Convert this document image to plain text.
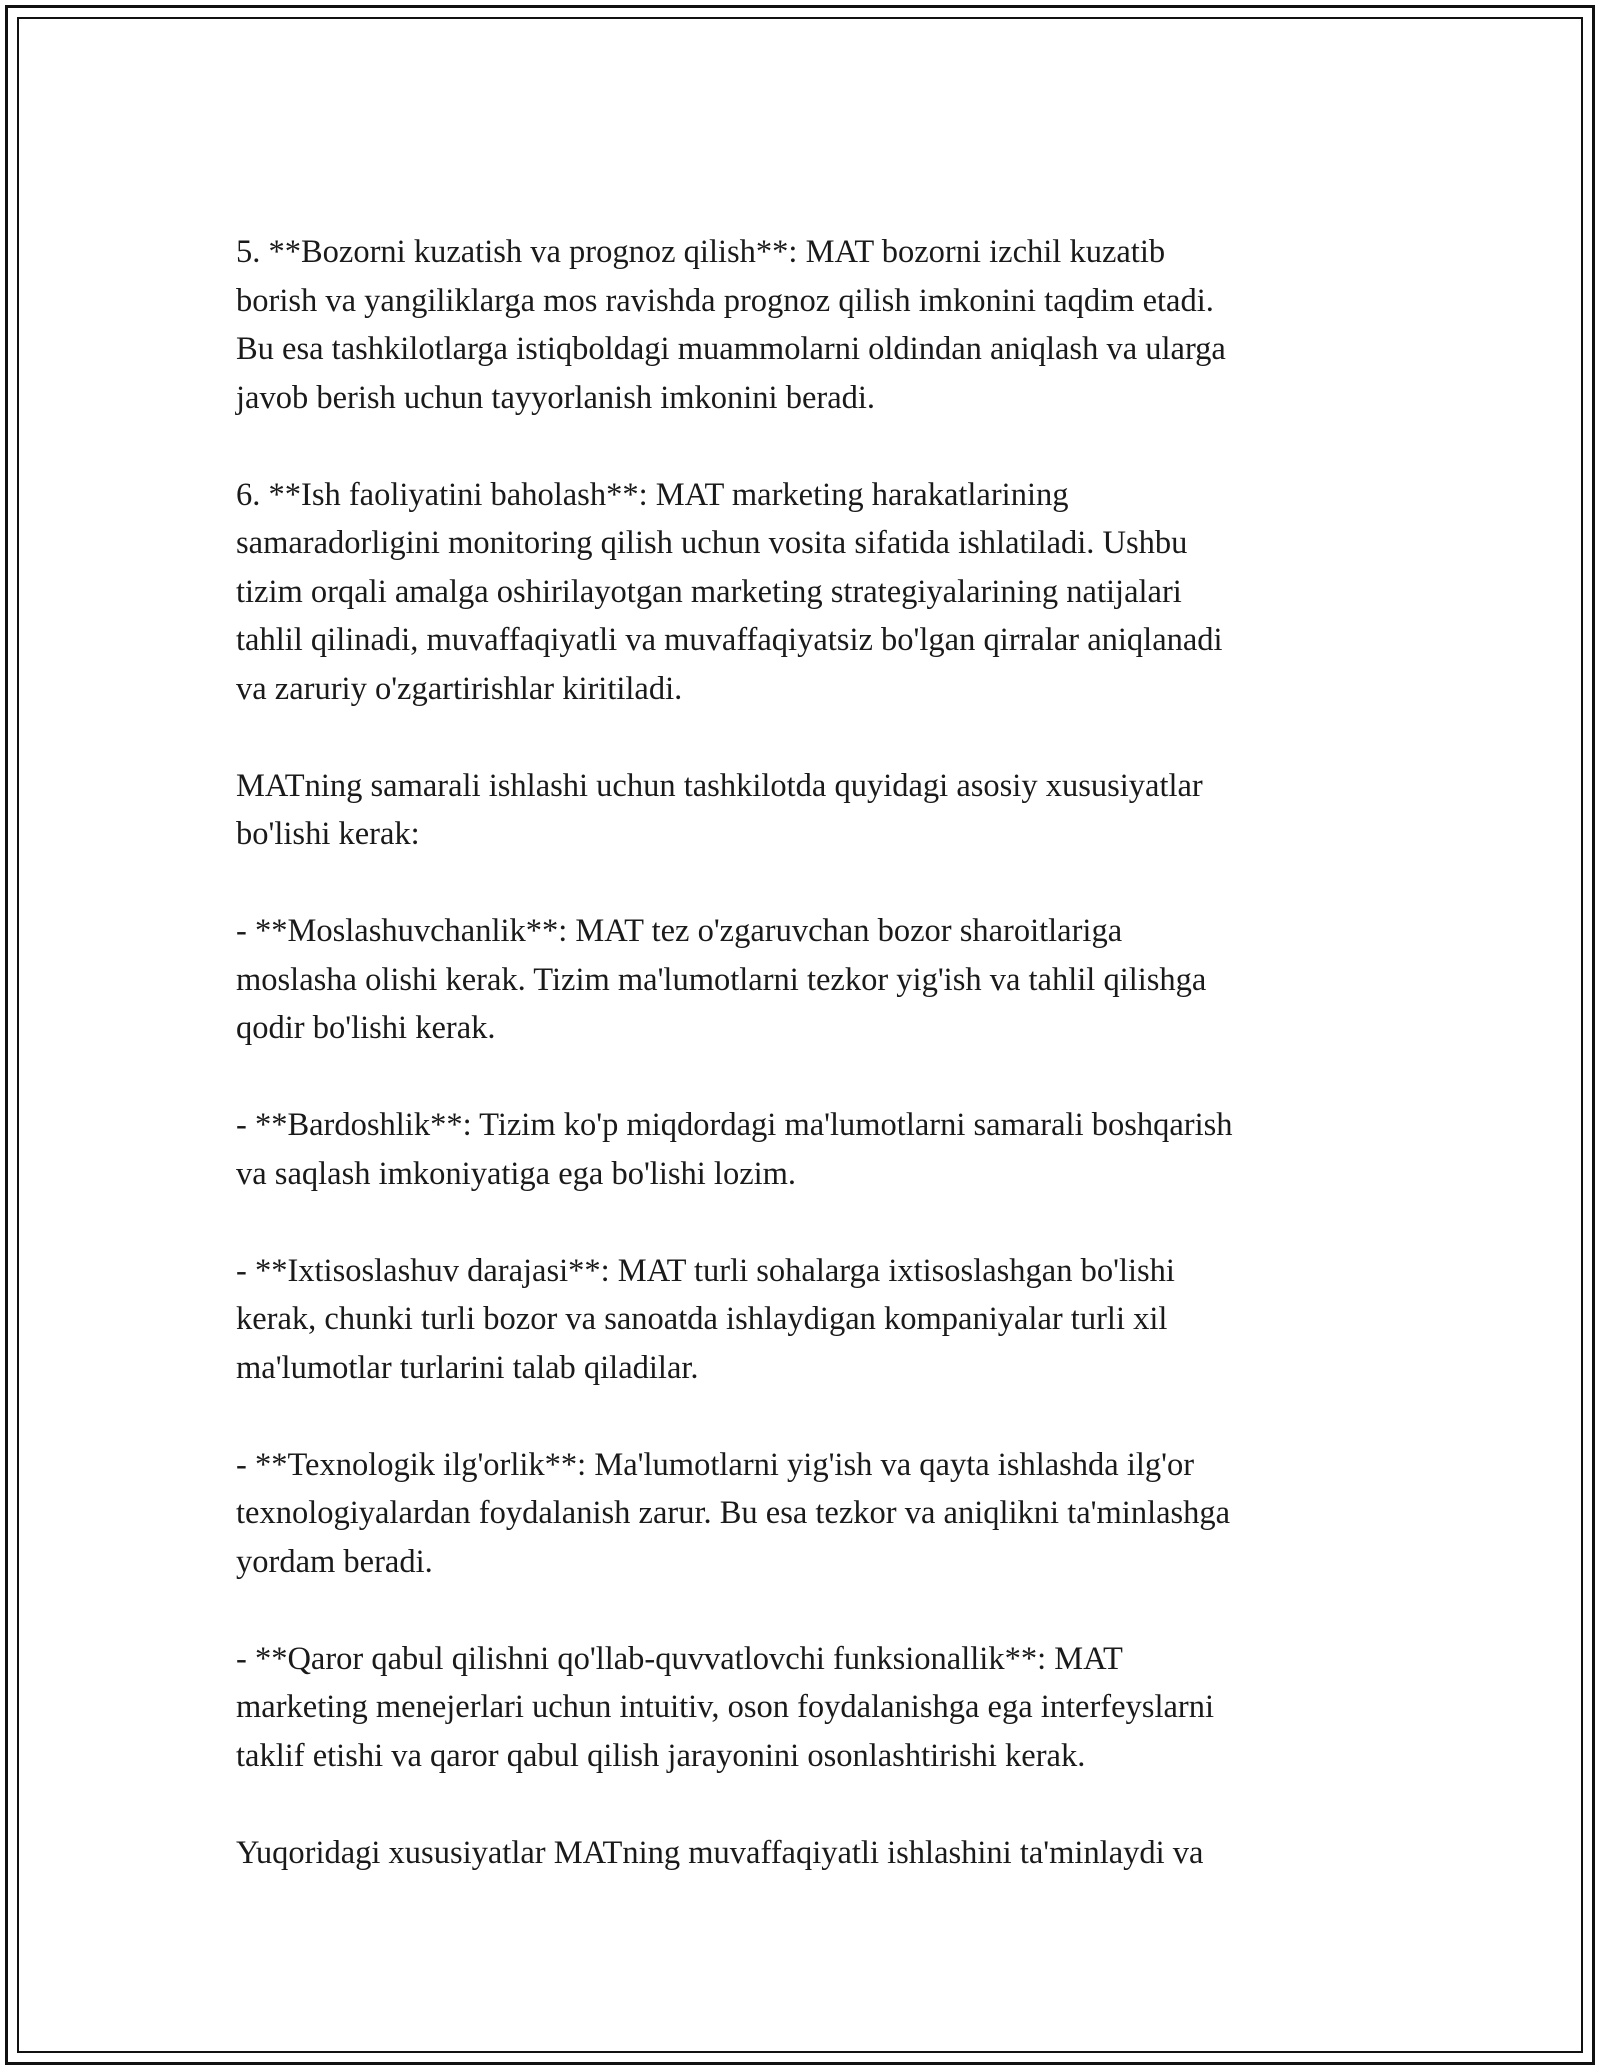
5. **Bozorni kuzatish va prognoz qilish**: MAT bozorni izchil kuzatib
borish va yangiliklarga mos ravishda prognoz qilish imkonini taqdim etadi.
Bu esa tashkilotlarga istiqboldagi muammolarni oldindan aniqlash va ularga
javob berish uchun tayyorlanish imkonini beradi.

6. **Ish faoliyatini baholash**: MAT marketing harakatlarining
samaradorligini monitoring qilish uchun vosita sifatida ishlatiladi. Ushbu
tizim orqali amalga oshirilayotgan marketing strategiyalarining natijalari
tahlil qilinadi, muvaffaqiyatli va muvaffaqiyatsiz bo'lgan qirralar aniqlanadi
va zaruriy o'zgartirishlar kiritiladi.

MATning samarali ishlashi uchun tashkilotda quyidagi asosiy xususiyatlar
bo'lishi kerak:

- **Moslashuvchanlik**: MAT tez o'zgaruvchan bozor sharoitlariga
moslasha olishi kerak. Tizim ma'lumotlarni tezkor yig'ish va tahlil qilishga
qodir bo'lishi kerak.

- **Bardoshlik**: Tizim ko'p miqdordagi ma'lumotlarni samarali boshqarish
va saqlash imkoniyatiga ega bo'lishi lozim.

- **Ixtisoslashuv darajasi**: MAT turli sohalarga ixtisoslashgan bo'lishi
kerak, chunki turli bozor va sanoatda ishlaydigan kompaniyalar turli xil
ma'lumotlar turlarini talab qiladilar.

- **Texnologik ilg'orlik**: Ma'lumotlarni yig'ish va qayta ishlashda ilg'or
texnologiyalardan foydalanish zarur. Bu esa tezkor va aniqlikni ta'minlashga
yordam beradi.

- **Qaror qabul qilishni qo'llab-quvvatlovchi funksionallik**: MAT
marketing menejerlari uchun intuitiv, oson foydalanishga ega interfeyslarni
taklif etishi va qaror qabul qilish jarayonini osonlashtirishi kerak.

Yuqoridagi xususiyatlar MATning muvaffaqiyatli ishlashini ta'minlaydi va
